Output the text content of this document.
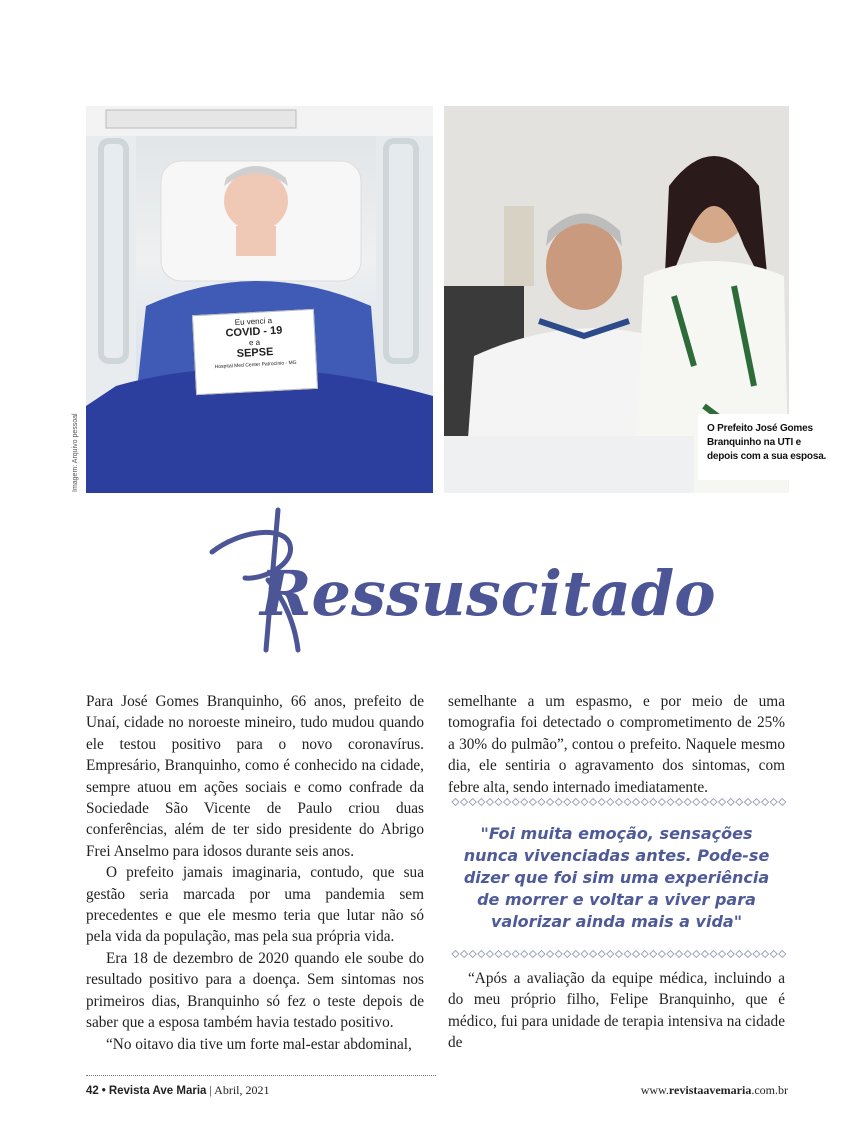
Eu venci a
COVID - 19
e a
SEPSE
Hospital Med Center Patrocínio - MG
Imagem: Arquivo pessoal	O Prefeito José Gomes
Branquinho na UTI e
depois com a sua esposa.
Ressuscitado

Para José Gomes Branquinho, 66 anos, prefeito de Unaí, cidade no noroeste mineiro, tudo mudou quando ele testou positivo para o novo coronavírus. Empresário, Branquinho, como é conhecido na cidade, sempre atuou em ações sociais e como confrade da Sociedade São Vicente de Paulo criou duas conferências, além de ter sido presidente do Abrigo Frei Anselmo para idosos durante seis anos.

O prefeito jamais imaginaria, contudo, que sua gestão seria marcada por uma pandemia sem precedentes e que ele mesmo teria que lutar não só pela vida da população, mas pela sua própria vida.

Era 18 de dezembro de 2020 quando ele soube do resultado positivo para a doença. Sem sintomas nos primeiros dias, Branquinho só fez o teste depois de saber que a esposa também havia testado positivo.

“No oitavo dia tive um forte mal-estar abdominal,

semelhante a um espasmo, e por meio de uma tomografia foi detectado o comprometimento de 25% a 30% do pulmão”, contou o prefeito. Naquele mesmo dia, ele sentiria o agravamento dos sintomas, com febre alta, sendo internado imediatamente.

"Foi muita emoção, sensações
nunca vivenciadas antes. Pode-se
dizer que foi sim uma experiência
de morrer e voltar a viver para
valorizar ainda mais a vida"

“Após a avaliação da equipe médica, incluindo a do meu próprio filho, Felipe Branquinho, que é médico, fui para unidade de terapia intensiva na cidade de

42 • Revista Ave Maria | Abril, 2021	www.revistaavemaria.com.br
